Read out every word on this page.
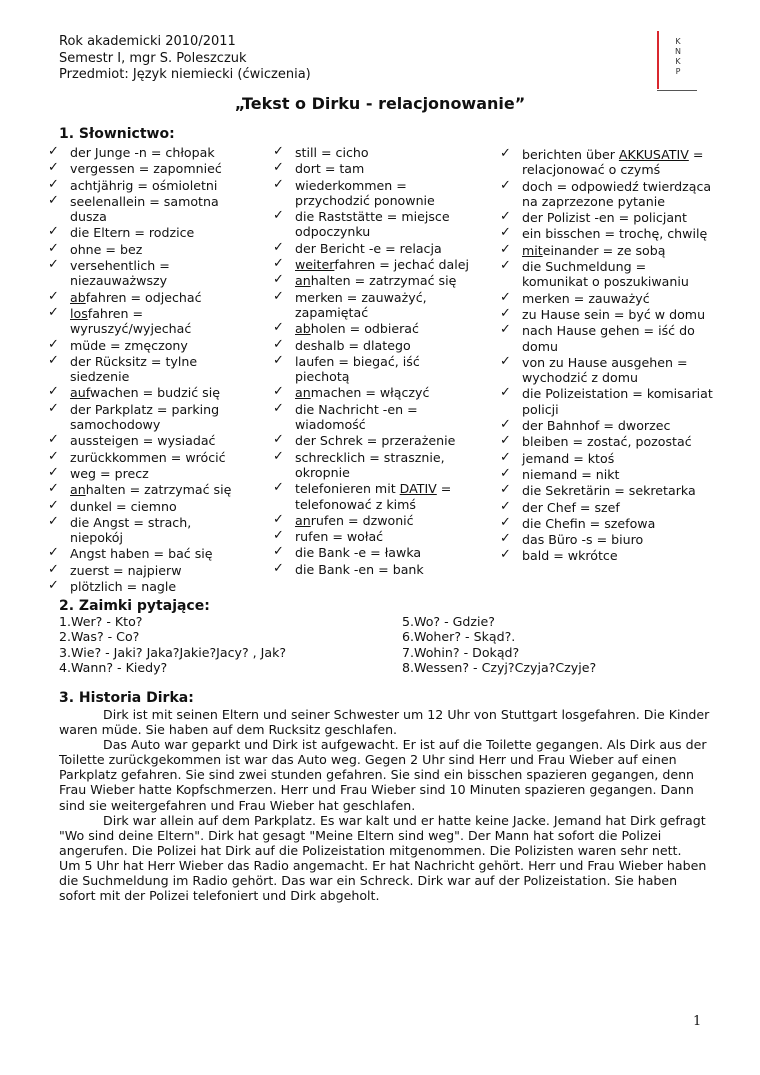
Rok akademicki 2010/2011
Semestr I, mgr S. Poleszczuk
Przedmiot: Język niemiecki (ćwiczenia)
K
N
K
P
„Tekst o Dirku - relacjonowanie”
1. Słownictwo:
✓ der Junge -n = chłopak
✓ vergessen = zapomnieć
✓ achtjährig = ośmioletni
✓ seelenallein = samotna dusza
✓ die Eltern = rodzice
✓ ohne = bez
✓ versehentlich = niezauważwszy
✓ abfahren = odjechać
✓ losfahren = wyruszyć/wyjechać
✓ müde = zmęczony
✓ der Rücksitz = tylne siedzenie
✓ aufwachen = budzić się
✓ der Parkplatz = parking samochodowy
✓ aussteigen = wysiadać
✓ zurückkommen = wrócić
✓ weg = precz
✓ anhalten = zatrzymać się
✓ dunkel = ciemno
✓ die Angst = strach, niepokój
✓ Angst haben = bać się
✓ zuerst = najpierw
✓ plötzlich = nagle
✓ still = cicho
✓ dort = tam
✓ wiederkommen = przychodzić ponownie
✓ die Raststätte = miejsce odpoczynku
✓ der Bericht -e = relacja
✓ weiterfahren = jechać dalej
✓ anhalten = zatrzymać się
✓ merken = zauważyć, zapamiętać
✓ abholen = odbierać
✓ deshalb = dlatego
✓ laufen = biegać, iść piechotą
✓ anmachen = włączyć
✓ die Nachricht -en = wiadomość
✓ der Schrek = przerażenie
✓ schrecklich = strasznie, okropnie
✓ telefonieren mit DATIV = telefonować z kimś
✓ anrufen = dzwonić
✓ rufen = wołać
✓ die Bank -e = ławka
✓ die Bank -en = bank
✓ berichten über AKKUSATIV = relacjonować o czymś
✓ doch = odpowiedź twierdząca na zaprzezone pytanie
✓ der Polizist -en = policjant
✓ ein bisschen = trochę, chwilę
✓ miteinander = ze sobą
✓ die Suchmeldung = komunikat o poszukiwaniu
✓ merken = zauważyć
✓ zu Hause sein = być w domu
✓ nach Hause gehen = iść do domu
✓ von zu Hause ausgehen = wychodzić z domu
✓ die Polizeistation = komisariat policji
✓ der Bahnhof = dworzec
✓ bleiben = zostać, pozostać
✓ jemand = ktoś
✓ niemand = nikt
✓ die Sekretärin = sekretarka
✓ der Chef = szef
✓ die Chefin = szefowa
✓ das Büro -s = biuro
✓ bald = wkrótce
2. Zaimki pytające:
1.Wer? - Kto?
2.Was? - Co?
3.Wie? - Jaki? Jaka?Jakie?Jacy? , Jak?
4.Wann? - Kiedy?
5.Wo? - Gdzie?
6.Woher? - Skąd?.
7.Wohin? - Dokąd?
8.Wessen? - Czyj?Czyja?Czyje?
3. Historia Dirka:

Dirk ist mit seinen Eltern und seiner Schwester um 12 Uhr von Stuttgart losgefahren. Die Kinder waren müde. Sie haben auf dem Rucksitz geschlafen.

Das Auto war geparkt und Dirk ist aufgewacht. Er ist auf die Toilette gegangen. Als Dirk aus der Toilette zurückgekommen ist war das Auto weg. Gegen 2 Uhr sind Herr und Frau Wieber auf einen Parkplatz gefahren. Sie sind zwei stunden gefahren. Sie sind ein bisschen spazieren gegangen, denn Frau Wieber hatte Kopfschmerzen. Herr und Frau Wieber sind 10 Minuten spazieren gegangen. Dann sind sie weitergefahren und Frau Wieber hat geschlafen.

Dirk war allein auf dem Parkplatz. Es war kalt und er hatte keine Jacke. Jemand hat Dirk gefragt "Wo sind deine Eltern". Dirk hat gesagt "Meine Eltern sind weg". Der Mann hat sofort die Polizei angerufen. Die Polizei hat Dirk auf die Polizeistation mitgenommen. Die Polizisten waren sehr nett.

Um 5 Uhr hat Herr Wieber das Radio angemacht. Er hat Nachricht gehört. Herr und Frau Wieber haben die Suchmeldung im Radio gehört. Das war ein Schreck. Dirk war auf der Polizeistation. Sie haben sofort mit der Polizei telefoniert und Dirk abgeholt.

1
